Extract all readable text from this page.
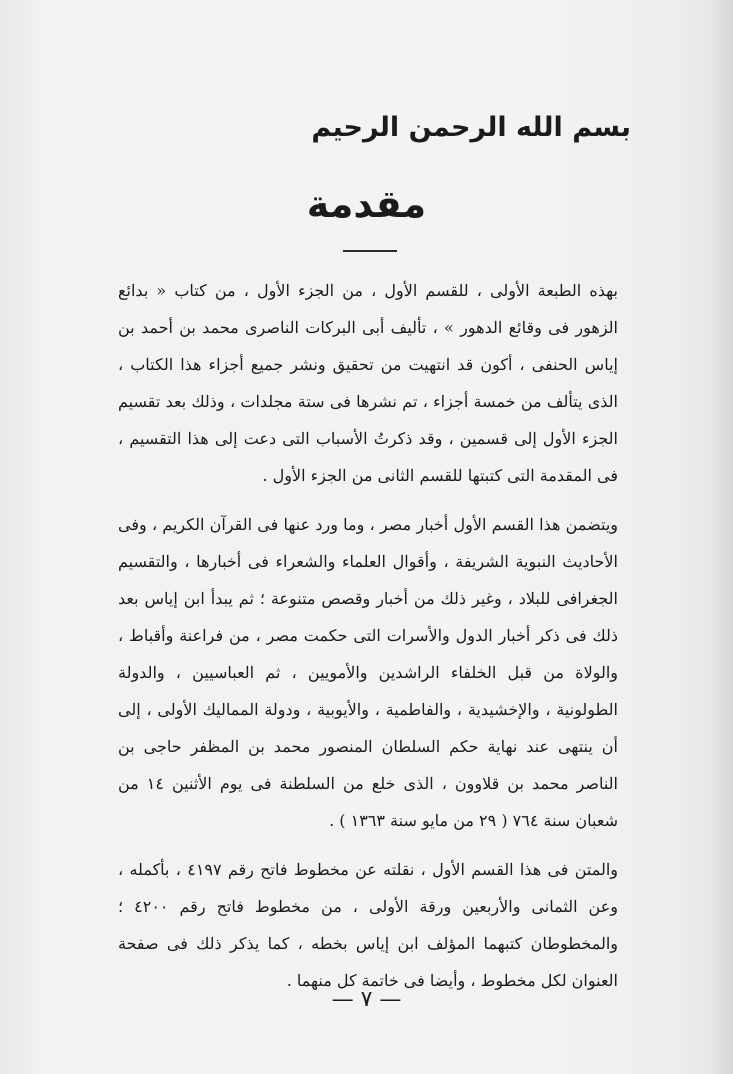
بسم الله الرحمن الرحيم
مقدمة

بهذه الطبعة الأولى ، للقسم الأول ، من الجزء الأول ، من كتاب « بدائع الزهور فى وقائع الدهور » ، تأليف أبى البركات الناصرى محمد بن أحمد بن إياس الحنفى ، أكون قد انتهيت من تحقيق ونشر جميع أجزاء هذا الكتاب ، الذى يتألف من خمسة أجزاء ، تم نشرها فى ستة مجلدات ، وذلك بعد تقسيم الجزء الأول إلى قسمين ، وقد ذكرتُ الأسباب التى دعت إلى هذا التقسيم ، فى المقدمة التى كتبتها للقسم الثانى من الجزء الأول .

ويتضمن هذا القسم الأول أخبار مصر ، وما ورد عنها فى القرآن الكريم ، وفى الأحاديث النبوية الشريفة ، وأقوال العلماء والشعراء فى أخبارها ، والتقسيم الجغرافى للبلاد ، وغير ذلك من أخبار وقصص متنوعة ؛ ثم يبدأ ابن إياس بعد ذلك فى ذكر أخبار الدول والأسرات التى حكمت مصر ، من فراعنة وأقباط ، والولاة من قبل الخلفاء الراشدين والأمويين ، ثم العباسيين ، والدولة الطولونية ، والإخشيدية ، والفاطمية ، والأيوبية ، ودولة المماليك الأولى ، إلى أن ينتهى عند نهاية حكم السلطان المنصور محمد بن المظفر حاجى بن الناصر محمد بن قلاوون ، الذى خلع من السلطنة فى يوم الأثنين ١٤ من شعبان سنة ٧٦٤ ( ٢٩ من مايو سنة ١٣٦٣ ) .

والمتن فى هذا القسم الأول ، نقلته عن مخطوط فاتح رقم ٤١٩٧ ، بأكمله ، وعن الثمانى والأربعين ورقة الأولى ، من مخطوط فاتح رقم ٤٢٠٠ ؛ والمخطوطان كتبهما المؤلف ابن إياس بخطه ، كما يذكر ذلك فى صفحة العنوان لكل مخطوط ، وأيضا فى خاتمة كل منهما .

— ٧ —
